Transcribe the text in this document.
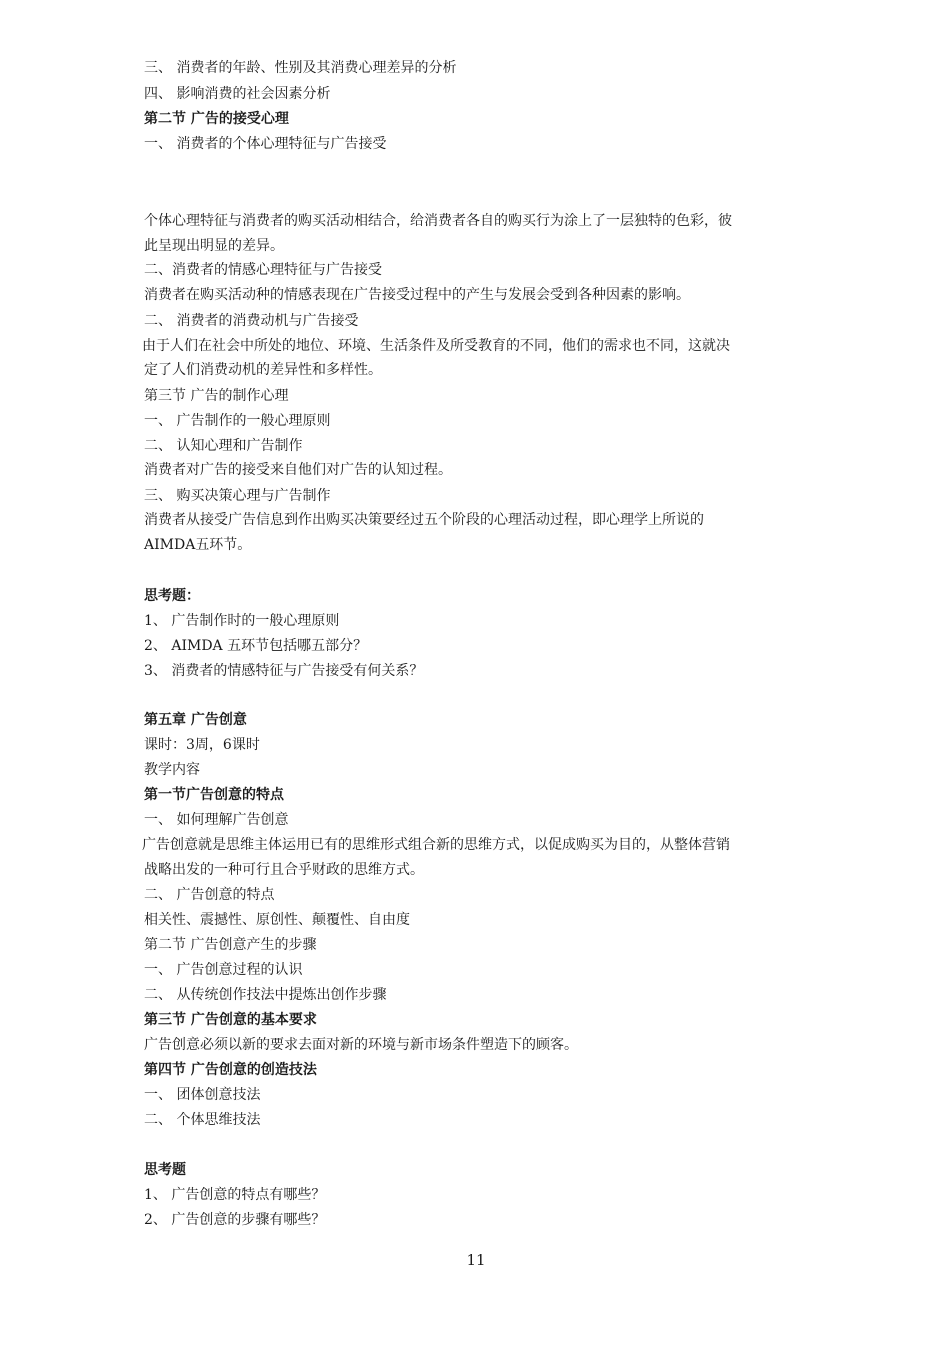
三、 消费者的年龄、性别及其消费心理差异的分析
四、 影响消费的社会因素分析
第二节 广告的接受心理
一、 消费者的个体心理特征与广告接受
个体心理特征与消费者的购买活动相结合，给消费者各自的购买行为涂上了一层独特的色彩，彼
此呈现出明显的差异。
二、消费者的情感心理特征与广告接受
消费者在购买活动种的情感表现在广告接受过程中的产生与发展会受到各种因素的影响。
二、 消费者的消费动机与广告接受
由于人们在社会中所处的地位、环境、生活条件及所受教育的不同，他们的需求也不同，这就决
定了人们消费动机的差异性和多样性。
第三节 广告的制作心理
一、 广告制作的一般心理原则
二、 认知心理和广告制作
消费者对广告的接受来自他们对广告的认知过程。
三、 购买决策心理与广告制作
消费者从接受广告信息到作出购买决策要经过五个阶段的心理活动过程，即心理学上所说的
AIMDA五环节。
思考题：
1、 广告制作时的一般心理原则
2、 AIMDA 五环节包括哪五部分？
3、 消费者的情感特征与广告接受有何关系？
第五章 广告创意
课时：3周，6课时
教学内容
第一节广告创意的特点
一、 如何理解广告创意
广告创意就是思维主体运用已有的思维形式组合新的思维方式，以促成购买为目的，从整体营销
战略出发的一种可行且合乎财政的思维方式。
二、 广告创意的特点
相关性、震撼性、原创性、颠覆性、自由度
第二节 广告创意产生的步骤
一、 广告创意过程的认识
二、 从传统创作技法中提炼出创作步骤
第三节 广告创意的基本要求
广告创意必须以新的要求去面对新的环境与新市场条件塑造下的顾客。
第四节 广告创意的创造技法
一、 团体创意技法
二、 个体思维技法
思考题
1、 广告创意的特点有哪些？
2、 广告创意的步骤有哪些？
11
